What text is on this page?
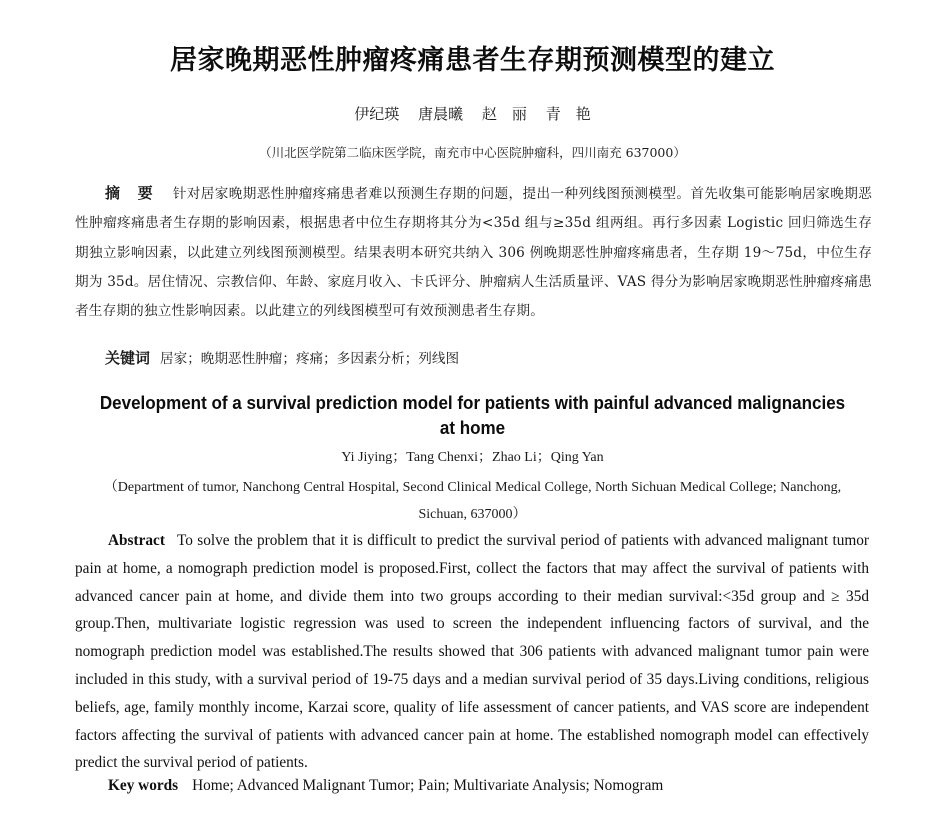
居家晚期恶性肿瘤疼痛患者生存期预测模型的建立
伊纪瑛 唐晨曦 赵　丽 青　艳
（川北医学院第二临床医学院，南充市中心医院肿瘤科，四川南充 637000）
摘 要 针对居家晚期恶性肿瘤疼痛患者难以预测生存期的问题，提出一种列线图预测模型。首先收集可能影响居家晚期恶性肿瘤疼痛患者生存期的影响因素，根据患者中位生存期将其分为<35d 组与≥35d 组两组。再行多因素 Logistic 回归筛选生存期独立影响因素，以此建立列线图预测模型。结果表明本研究共纳入 306 例晚期恶性肿瘤疼痛患者，生存期 19～75d，中位生存期为 35d。居住情况、宗教信仰、年龄、家庭月收入、卡氏评分、肿瘤病人生活质量评、VAS 得分为影响居家晚期恶性肿瘤疼痛患者生存期的独立性影响因素。以此建立的列线图模型可有效预测患者生存期。
关键词 居家；晚期恶性肿瘤；疼痛；多因素分析；列线图
Development of a survival prediction model for patients with painful advanced malignancies at home
Yi Jiying；Tang Chenxi；Zhao Li；Qing Yan
（Department of tumor, Nanchong Central Hospital, Second Clinical Medical College, North Sichuan Medical College; Nanchong, Sichuan, 637000）
Abstract To solve the problem that it is difficult to predict the survival period of patients with advanced malignant tumor pain at home, a nomograph prediction model is proposed.First, collect the factors that may affect the survival of patients with advanced cancer pain at home, and divide them into two groups according to their median survival:<35d group and ≥ 35d group.Then, multivariate logistic regression was used to screen the independent influencing factors of survival, and the nomograph prediction model was established.The results showed that 306 patients with advanced malignant tumor pain were included in this study, with a survival period of 19-75 days and a median survival period of 35 days.Living conditions, religious beliefs, age, family monthly income, Karzai score, quality of life assessment of cancer patients, and VAS score are independent factors affecting the survival of patients with advanced cancer pain at home. The established nomograph model can effectively predict the survival period of patients.
Key words Home; Advanced Malignant Tumor; Pain; Multivariate Analysis; Nomogram
